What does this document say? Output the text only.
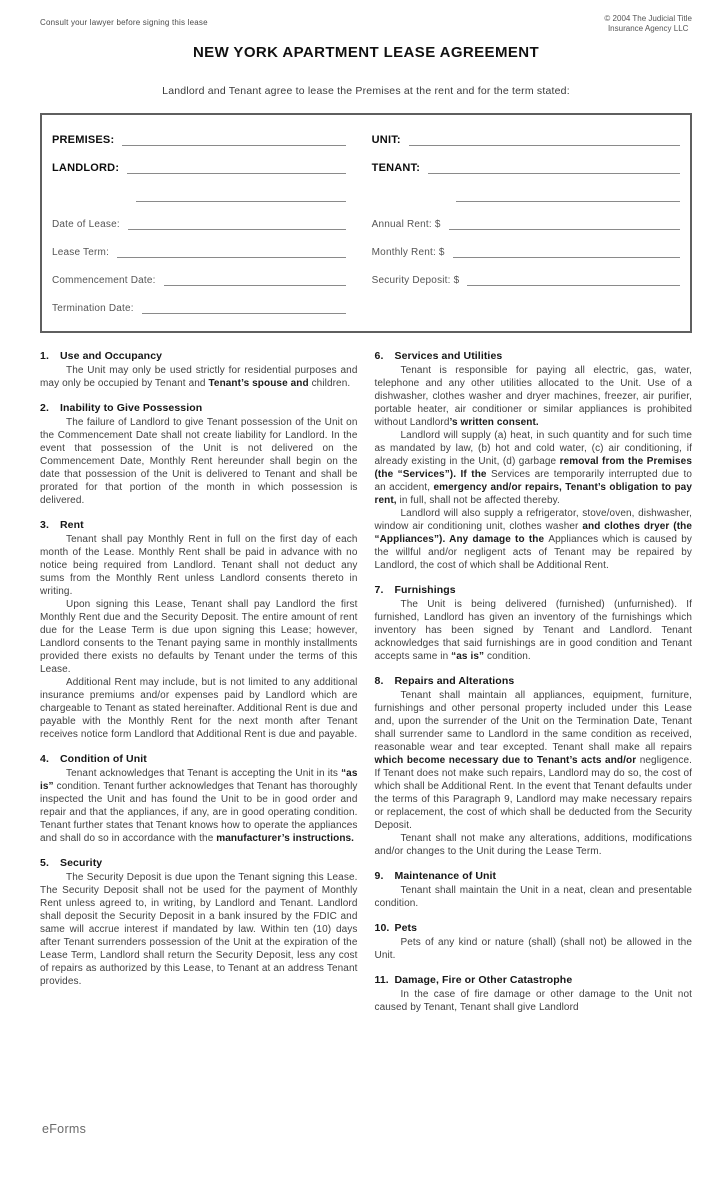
Consult your lawyer before signing this lease	© 2004 The Judicial Title
Insurance Agency LLC
NEW YORK APARTMENT LEASE AGREEMENT
Landlord and Tenant agree to lease the Premises at the rent and for the term stated:
PREMISES:	UNIT:
LANDLORD:	TENANT:
Date of Lease:	Annual Rent: $
Lease Term:	Monthly Rent: $
Commencement Date:	Security Deposit: $
Termination Date:
1.	Use and Occupancy

The Unit may only be used strictly for residential purposes and may only be occupied by Tenant and Tenant’s spouse and children.

2.	Inability to Give Possession

The failure of Landlord to give Tenant possession of the Unit on the Commencement Date shall not create liability for Landlord. In the event that possession of the Unit is not delivered on the Commencement Date, Monthly Rent hereunder shall begin on the date that possession of the Unit is delivered to Tenant and shall be prorated for that portion of the month in which possession is delivered.

3.	Rent

Tenant shall pay Monthly Rent in full on the first day of each month of the Lease. Monthly Rent shall be paid in advance with no notice being required from Landlord. Tenant shall not deduct any sums from the Monthly Rent unless Landlord consents thereto in writing.

Upon signing this Lease, Tenant shall pay Landlord the first Monthly Rent due and the Security Deposit. The entire amount of rent due for the Lease Term is due upon signing this Lease; however, Landlord consents to the Tenant paying same in monthly installments provided there exists no defaults by Tenant under the terms of this Lease.

Additional Rent may include, but is not limited to any additional insurance premiums and/or expenses paid by Landlord which are chargeable to Tenant as stated hereinafter. Additional Rent is due and payable with the Monthly Rent for the next month after Tenant receives notice form Landlord that Additional Rent is due and payable.

4.	Condition of Unit

Tenant acknowledges that Tenant is accepting the Unit in its “as is” condition. Tenant further acknowledges that Tenant has thoroughly inspected the Unit and has found the Unit to be in good order and repair and that the appliances, if any, are in good operating condition. Tenant further states that Tenant knows how to operate the appliances and shall do so in accordance with the manufacturer’s instructions.

5.	Security

The Security Deposit is due upon the Tenant signing this Lease. The Security Deposit shall not be used for the payment of Monthly Rent unless agreed to, in writing, by Landlord and Tenant. Landlord shall deposit the Security Deposit in a bank insured by the FDIC and same will accrue interest if mandated by law. Within ten (10) days after Tenant surrenders possession of the Unit at the expiration of the Lease Term, Landlord shall return the Security Deposit, less any cost of repairs as authorized by this Lease, to Tenant at an address Tenant provides.

6.	Services and Utilities

Tenant is responsible for paying all electric, gas, water, telephone and any other utilities allocated to the Unit. Use of a dishwasher, clothes washer and dryer machines, freezer, air purifier, portable heater, air conditioner or similar appliances is prohibited without Landlord’s written consent.

Landlord will supply (a) heat, in such quantity and for such time as mandated by law, (b) hot and cold water, (c) air conditioning, if already existing in the Unit, (d) garbage removal from the Premises (the “Services”). If the Services are temporarily interrupted due to an accident, emergency and/or repairs, Tenant’s obligation to pay rent, in full, shall not be affected thereby.

Landlord will also supply a refrigerator, stove/oven, dishwasher, window air conditioning unit, clothes washer and clothes dryer (the “Appliances”). Any damage to the Appliances which is caused by the willful and/or negligent acts of Tenant may be repaired by Landlord, the cost of which shall be Additional Rent.

7.	Furnishings

The Unit is being delivered (furnished) (unfurnished). If furnished, Landlord has given an inventory of the furnishings which inventory has been signed by Tenant and Landlord. Tenant acknowledges that said furnishings are in good condition and Tenant accepts same in “as is” condition.

8.	Repairs and Alterations

Tenant shall maintain all appliances, equipment, furniture, furnishings and other personal property included under this Lease and, upon the surrender of the Unit on the Termination Date, Tenant shall surrender same to Landlord in the same condition as received, reasonable wear and tear excepted. Tenant shall make all repairs which become necessary due to Tenant’s acts and/or negligence. If Tenant does not make such repairs, Landlord may do so, the cost of which shall be Additional Rent. In the event that Tenant defaults under the terms of this Paragraph 9, Landlord may make necessary repairs or replacement, the cost of which shall be deducted from the Security Deposit.

Tenant shall not make any alterations, additions, modifications and/or changes to the Unit during the Lease Term.

9.	Maintenance of Unit

Tenant shall maintain the Unit in a neat, clean and presentable condition.

10. Pets

Pets of any kind or nature (shall) (shall not) be allowed in the Unit.

11. Damage, Fire or Other Catastrophe

In the case of fire damage or other damage to the Unit not caused by Tenant, Tenant shall give Landlord

eForms
